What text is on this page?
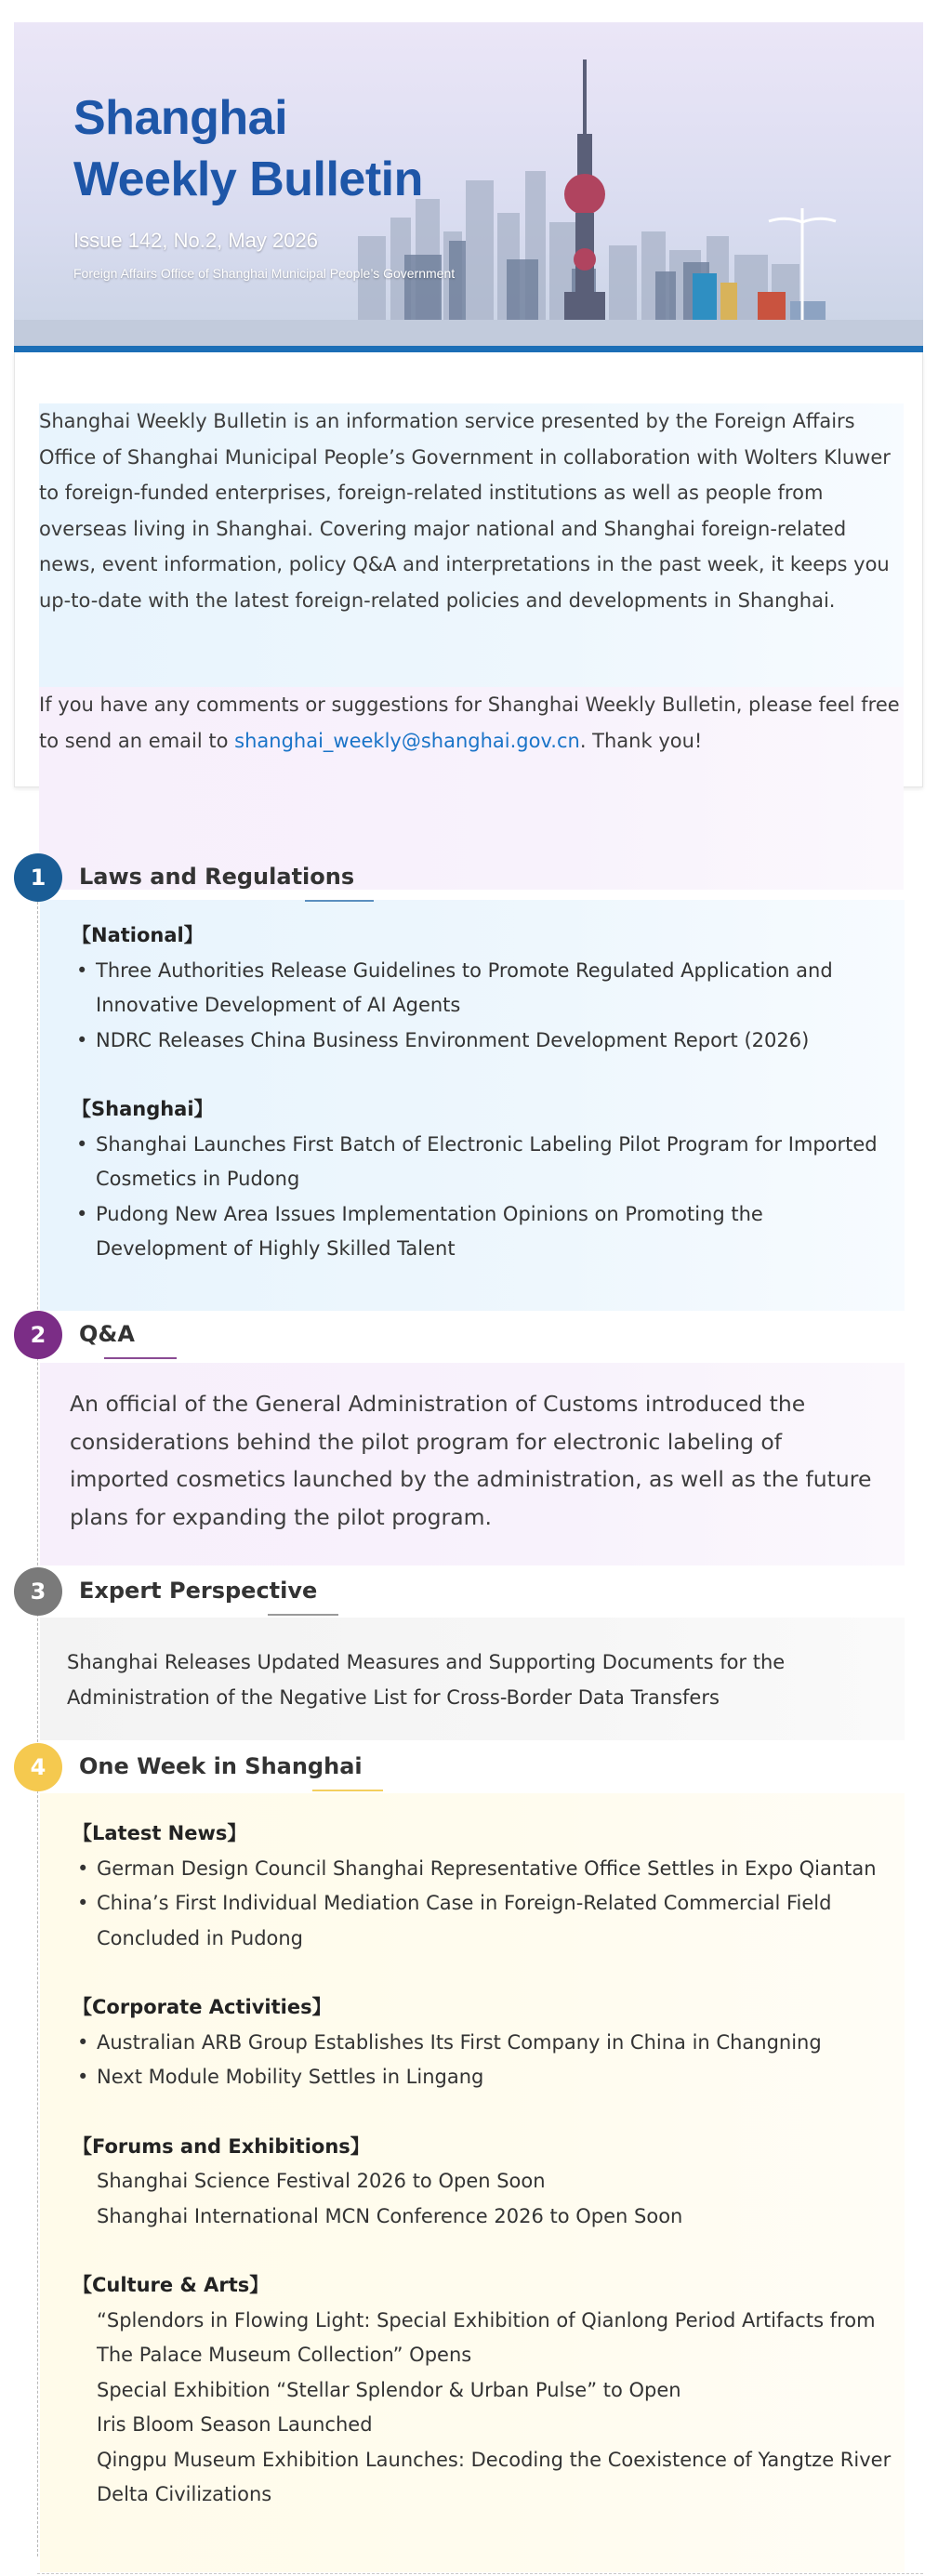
Shanghai
Weekly Bulletin
Issue 142, No.2, May 2026
Foreign Affairs Office of Shanghai Municipal People’s Government

Shanghai Weekly Bulletin is an information service presented by the Foreign Affairs Office of Shanghai Municipal People’s Government in collaboration with Wolters Kluwer to foreign-funded enterprises, foreign-related institutions as well as people from overseas living in Shanghai. Covering major national and Shanghai foreign-related news, event information, policy Q&A and interpretations in the past week, it keeps you up-to-date with the latest foreign-related policies and developments in Shanghai.

If you have any comments or suggestions for Shanghai Weekly Bulletin, please feel free to send an email to shanghai_weekly@shanghai.gov.cn. Thank you!

【National】
• Three Authorities Release Guidelines to Promote Regulated Application and Innovative Development of AI Agents
• NDRC Releases China Business Environment Development Report (2026)
【Shanghai】
• Shanghai Launches First Batch of Electronic Labeling Pilot Program for Imported Cosmetics in Pudong
• Pudong New Area Issues Implementation Opinions on Promoting the Development of Highly Skilled Talent
1	Laws and Regulations
An official of the General Administration of Customs introduced the considerations behind the pilot program for electronic labeling of imported cosmetics launched by the administration, as well as the future plans for expanding the pilot program.
2	Q&A
Shanghai Releases Updated Measures and Supporting Documents for the Administration of the Negative List for Cross-Border Data Transfers
3	Expert Perspective
【Latest News】
• German Design Council Shanghai Representative Office Settles in Expo Qiantan
• China’s First Individual Mediation Case in Foreign-Related Commercial Field Concluded in Pudong
【Corporate Activities】
• Australian ARB Group Establishes Its First Company in China in Changning
• Next Module Mobility Settles in Lingang
【Forums and Exhibitions】
Shanghai Science Festival 2026 to Open Soon
Shanghai International MCN Conference 2026 to Open Soon
【Culture & Arts】
“Splendors in Flowing Light: Special Exhibition of Qianlong Period Artifacts from The Palace Museum Collection” Opens
Special Exhibition “Stellar Splendor & Urban Pulse” to Open
Iris Bloom Season Launched
Qingpu Museum Exhibition Launches: Decoding the Coexistence of Yangtze River Delta Civilizations
4	One Week in Shanghai
